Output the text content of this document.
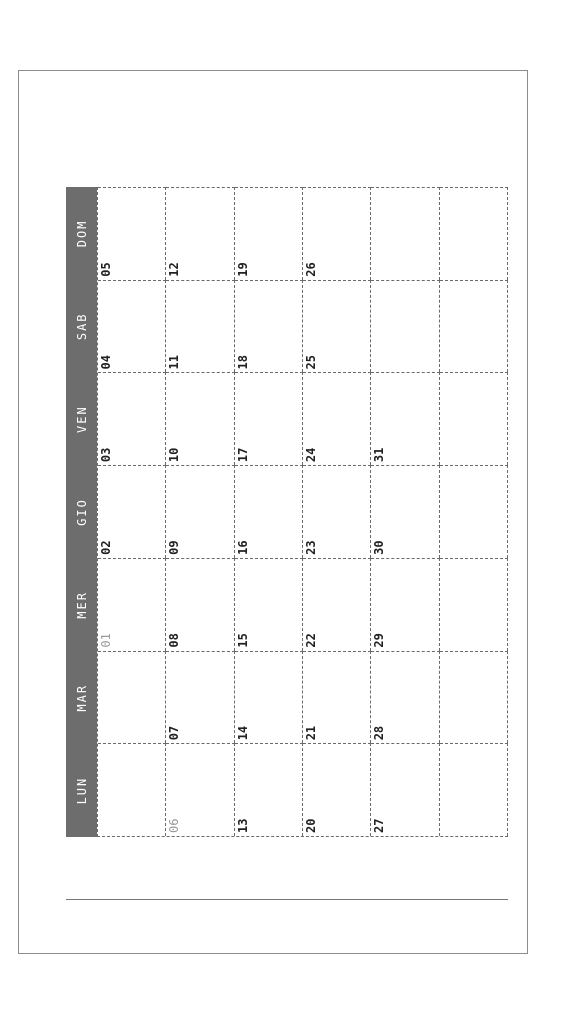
LUN
MAR
MER
GIO
VEN
SAB
DOM
01
02
03
04
05
06
07
08
09
10
11
12
13
14
15
16
17
18
19
20
21
22
23
24
25
26
27
28
29
30
31
